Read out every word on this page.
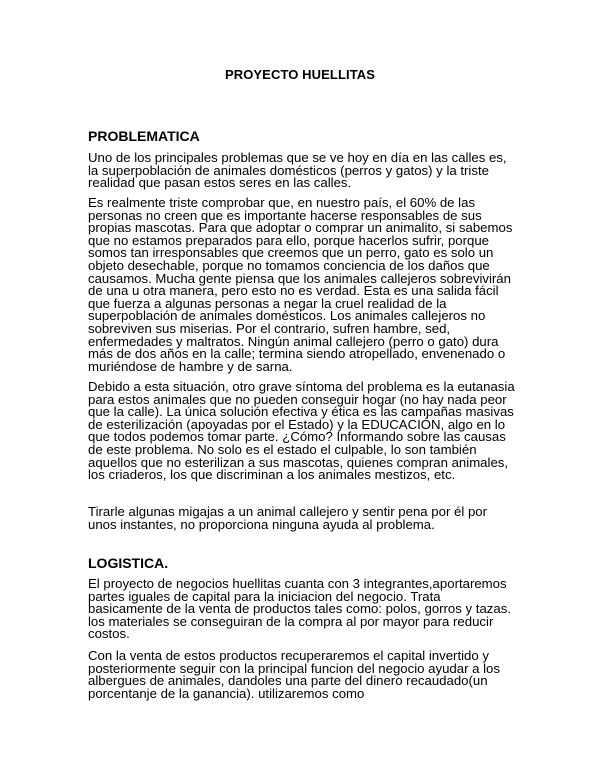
PROYECTO HUELLITAS
PROBLEMATICA
Uno de los principales problemas que se ve hoy en día en las calles es, la superpoblación de animales domésticos (perros y gatos) y la triste realidad que pasan estos seres en las calles.
Es realmente triste comprobar que, en nuestro país, el 60% de las personas no creen que es importante hacerse responsables de sus propias mascotas. Para que adoptar o comprar un animalito, si sabemos que no estamos preparados para ello, porque hacerlos sufrir, porque somos tan irresponsables que creemos que un perro, gato es solo un objeto desechable, porque no tomamos conciencia de los daños que causamos. Mucha gente piensa que los animales callejeros sobrevivirán de una u otra manera, pero esto no es verdad. Esta es una salida fácil que fuerza a algunas personas a negar la cruel realidad de la superpoblación de animales domésticos. Los animales callejeros no sobreviven sus miserias. Por el contrario, sufren hambre, sed, enfermedades y maltratos. Ningún animal callejero (perro o gato) dura más de dos años en la calle; termina siendo atropellado, envenenado o muriéndose de hambre y de sarna.
Debido a esta situación, otro grave síntoma del problema es la eutanasia para estos animales que no pueden conseguir hogar (no hay nada peor que la calle). La única solución efectiva y ética es las campañas masivas de esterilización (apoyadas por el Estado) y la EDUCACIÓN, algo en lo que todos podemos tomar parte. ¿Cómo? Informando sobre las causas de este problema. No solo es el estado el culpable, lo son también aquellos que no esterilizan a sus mascotas, quienes compran animales, los criaderos, los que discriminan a los animales mestizos, etc.
Tirarle algunas migajas a un animal callejero y sentir pena por él por unos instantes, no proporciona ninguna ayuda al problema.
LOGISTICA.
El proyecto de negocios huellitas cuanta con 3 integrantes,aportaremos partes iguales de capital para la iniciacion del negocio. Trata basicamente de la venta de productos tales como: polos, gorros y tazas. los materiales se conseguiran de la compra al por mayor para reducir costos.
Con la venta de estos productos recuperaremos el capital invertido y posteriormente seguir con la principal funcion del negocio ayudar a los albergues de animales, dandoles una parte del dinero recaudado(un porcentanje de la ganancia). utilizaremos como
